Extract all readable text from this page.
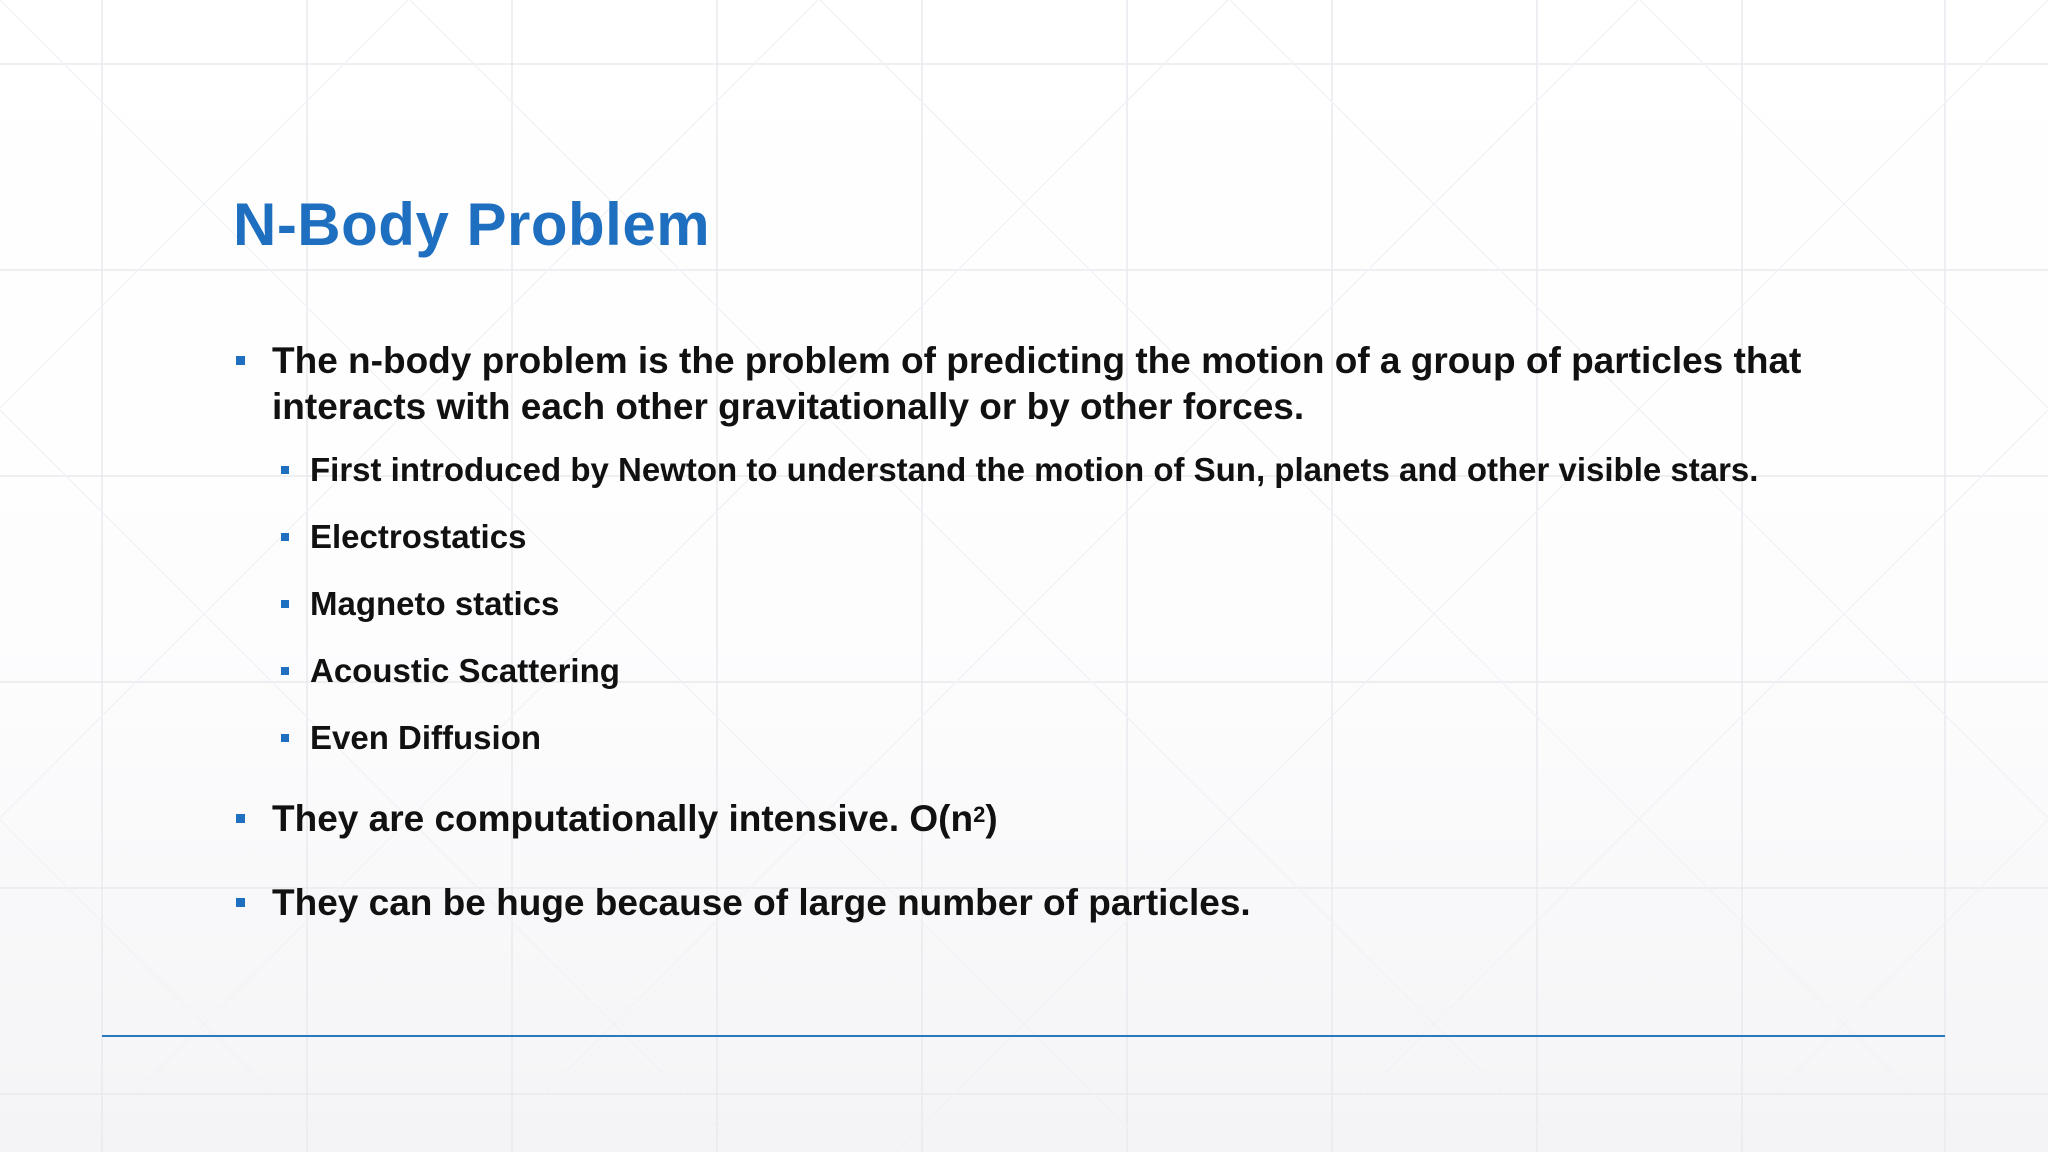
N-Body Problem
The n-body problem is the problem of predicting the motion of a group of particles that interacts with each other gravitationally or by other forces.
First introduced by Newton to understand the motion of Sun, planets and other visible stars.
Electrostatics
Magneto statics
Acoustic Scattering
Even Diffusion
They are computationally intensive. $O(n^2)$
They can be huge because of large number of particles.
